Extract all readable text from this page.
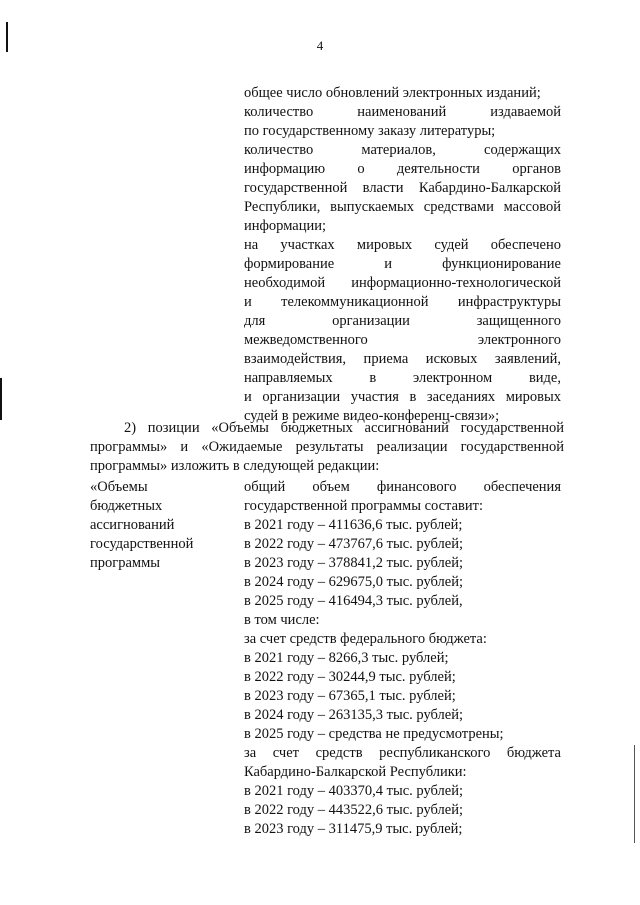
4

общее число обновлений электронных изданий;

количество наименований издаваемой

по государственному заказу литературы;

количество материалов, содержащих

информацию о деятельности органов

государственной власти Кабардино-Балкарской

Республики, выпускаемых средствами массовой

информации;

на участках мировых судей обеспечено

формирование и функционирование

необходимой информационно-технологической

и телекоммуникационной инфраструктуры

для организации защищенного

межведомственного электронного

взаимодействия, приема исковых заявлений,

направляемых в электронном виде,

и организации участия в заседаниях мировых

судей в режиме видео-конференц-связи»;

2) позиции «Объемы бюджетных ассигнований государственной программы» и «Ожидаемые результаты реализации государственной программы» изложить в следующей редакции:

«Объемы

бюджетных

ассигнований

государственной

программы

общий объем финансового обеспечения

государственной программы составит:

в 2021 году – 411636,6 тыс. рублей;

в 2022 году – 473767,6 тыс. рублей;

в 2023 году – 378841,2 тыс. рублей;

в 2024 году – 629675,0 тыс. рублей;

в 2025 году – 416494,3 тыс. рублей,

в том числе:

за счет средств федерального бюджета:

в 2021 году – 8266,3 тыс. рублей;

в 2022 году – 30244,9 тыс. рублей;

в 2023 году – 67365,1 тыс. рублей;

в 2024 году – 263135,3 тыс. рублей;

в 2025 году – средства не предусмотрены;

за счет средств республиканского бюджета

Кабардино-Балкарской Республики:

в 2021 году – 403370,4 тыс. рублей;

в 2022 году – 443522,6 тыс. рублей;

в 2023 году – 311475,9 тыс. рублей;
